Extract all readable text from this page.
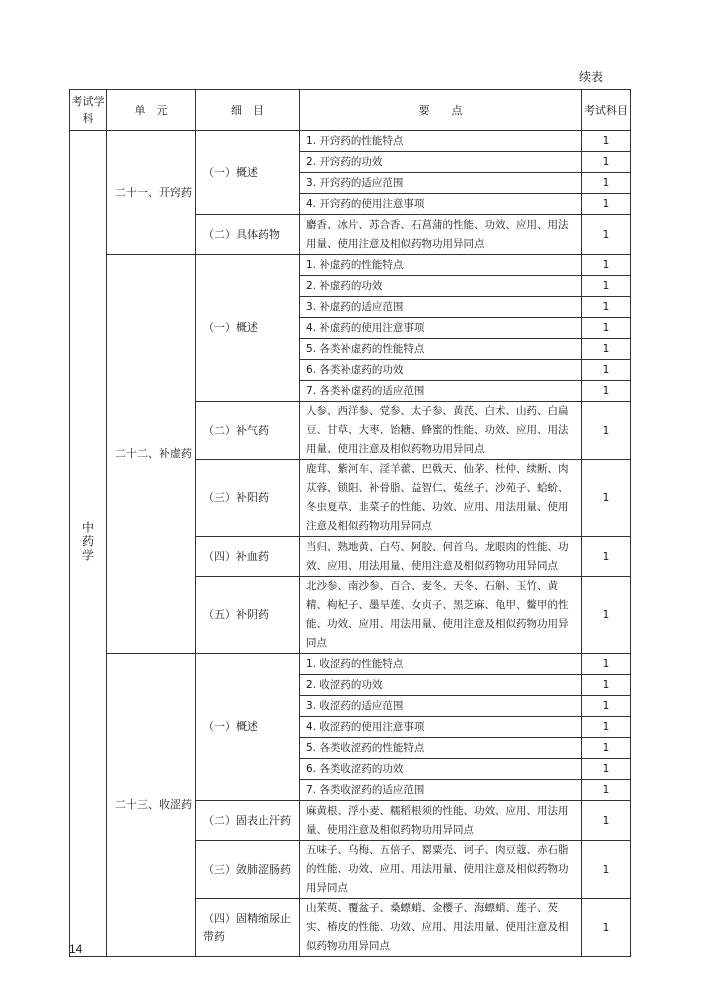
续表
考试学科	单　元	细　目	要　　点	考试科目
中药学	二十一、开窍药	（一）概述	1. 开窍药的性能特点	1
			2. 开窍药的功效	1
			3. 开窍药的适应范围	1
			4. 开窍药的使用注意事项	1
		（二）具体药物	麝香、冰片、苏合香、石菖蒲的性能、功效、应用、用法用量、使用注意及相似药物功用异同点	1
	二十二、补虚药	（一）概述	1. 补虚药的性能特点	1
			2. 补虚药的功效	1
			3. 补虚药的适应范围	1
			4. 补虚药的使用注意事项	1
			5. 各类补虚药的性能特点	1
			6. 各类补虚药的功效	1
			7. 各类补虚药的适应范围	1
		（二）补气药	人参、西洋参、党参、太子参、黄芪、白术、山药、白扁豆、甘草、大枣、饴糖、蜂蜜的性能、功效、应用、用法用量、使用注意及相似药物功用异同点	1
		（三）补阳药	鹿茸、紫河车、淫羊藿、巴戟天、仙茅、杜仲、续断、肉苁蓉、锁阳、补骨脂、益智仁、菟丝子、沙苑子、蛤蚧、冬虫夏草、韭菜子的性能、功效、应用、用法用量、使用注意及相似药物功用异同点	1
		（四）补血药	当归、熟地黄、白芍、阿胶、何首乌、龙眼肉的性能、功效、应用、用法用量、使用注意及相似药物功用异同点	1
		（五）补阴药	北沙参、南沙参、百合、麦冬、天冬、石斛、玉竹、黄精、枸杞子、墨旱莲、女贞子、黑芝麻、龟甲、鳖甲的性能、功效、应用、用法用量、使用注意及相似药物功用异同点	1
	二十三、收涩药	（一）概述	1. 收涩药的性能特点	1
			2. 收涩药的功效	1
			3. 收涩药的适应范围	1
			4. 收涩药的使用注意事项	1
			5. 各类收涩药的性能特点	1
			6. 各类收涩药的功效	1
			7. 各类收涩药的适应范围	1
		（二）固表止汗药	麻黄根、浮小麦、糯稻根须的性能、功效、应用、用法用量、使用注意及相似药物功用异同点	1
		（三）敛肺涩肠药	五味子、乌梅、五倍子、罂粟壳、诃子、肉豆蔻、赤石脂的性能、功效、应用、用法用量、使用注意及相似药物功用异同点	1
		（四）固精缩尿止带药	山茱萸、覆盆子、桑螵蛸、金樱子、海螵蛸、莲子、芡实、椿皮的性能、功效、应用、用法用量、使用注意及相似药物功用异同点	1
14
